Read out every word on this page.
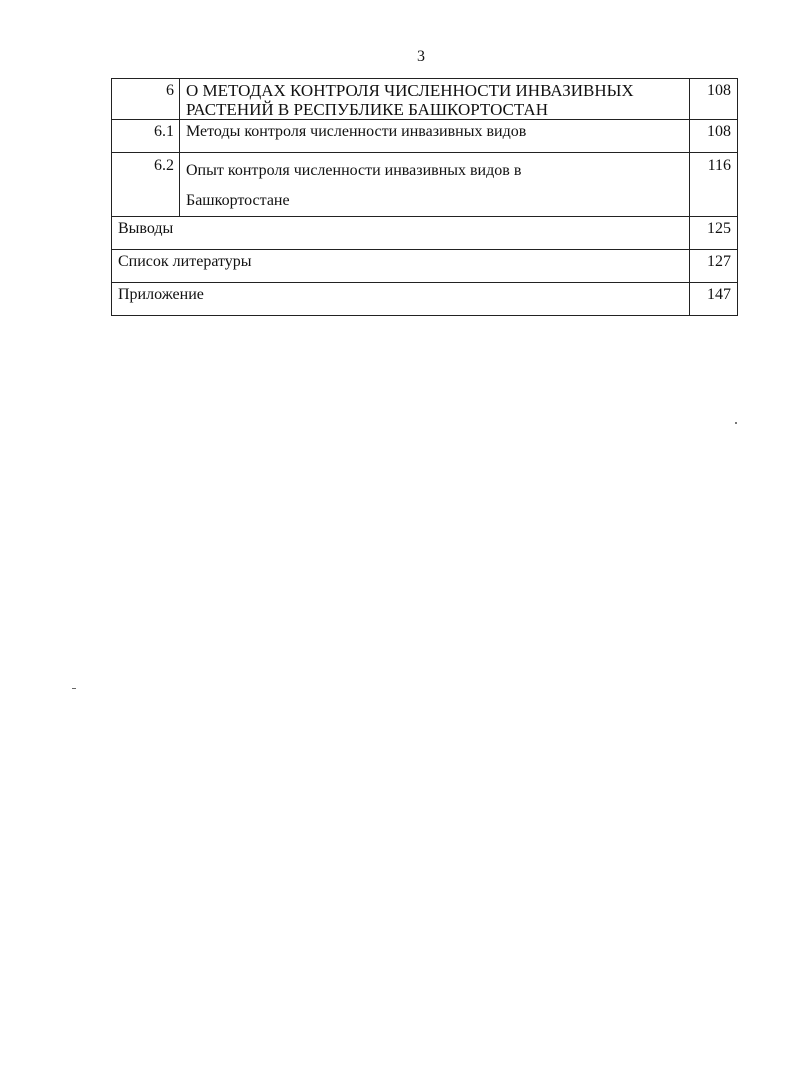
3
6	О МЕТОДАХ КОНТРОЛЯ ЧИСЛЕННОСТИ ИНВАЗИВНЫХ
РАСТЕНИЙ В РЕСПУБЛИКЕ БАШКОРТОСТАН	108
6.1	Методы контроля численности инвазивных видов	108
6.2	Опыт контроля численности инвазивных видов в
Башкортостане	116
Выводы		125
Список литературы		127
Приложение		147
